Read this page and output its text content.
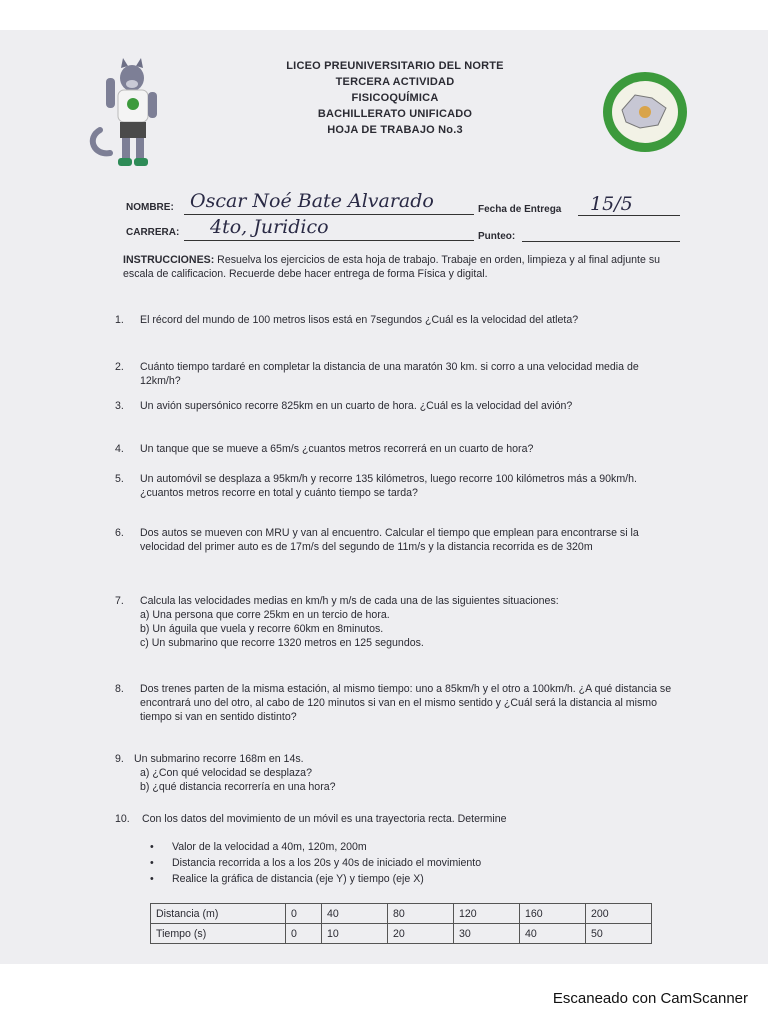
LICEO PREUNIVERSITARIO DEL NORTE
TERCERA ACTIVIDAD
FISICOQUÍMICA
BACHILLERATO UNIFICADO
HOJA DE TRABAJO No.3
NOMBRE: Oscar Noé Bate Alvarado	Fecha de Entrega 15/5
CARRERA: 4to, Juridico	Punteo:
INSTRUCCIONES: Resuelva los ejercicios de esta hoja de trabajo. Trabaje en orden, limpieza y al final adjunte su escala de calificacion. Recuerde debe hacer entrega de forma Física y digital.
1. El récord del mundo de 100 metros lisos está en 7segundos ¿Cuál es la velocidad del atleta?
2. Cuánto tiempo tardaré en completar la distancia de una maratón 30 km. si corro a una velocidad media de 12km/h?
3. Un avión supersónico recorre 825km en un cuarto de hora. ¿Cuál es la velocidad del avión?
4. Un tanque que se mueve a 65m/s ¿cuantos metros recorrerá en un cuarto de hora?
5. Un automóvil se desplaza a 95km/h y recorre 135 kilómetros, luego recorre 100 kilómetros más a 90km/h. ¿cuantos metros recorre en total y cuánto tiempo se tarda?
6. Dos autos se mueven con MRU y van al encuentro. Calcular el tiempo que emplean para encontrarse si la velocidad del primer auto es de 17m/s del segundo de 11m/s y la distancia recorrida es de 320m
7. Calcula las velocidades medias en km/h y m/s de cada una de las siguientes situaciones:
a) Una persona que corre 25km en un tercio de hora.
b) Un águila que vuela y recorre 60km en 8minutos.
c) Un submarino que recorre 1320 metros en 125 segundos.
8. Dos trenes parten de la misma estación, al mismo tiempo: uno a 85km/h y el otro a 100km/h. ¿A qué distancia se encontrará uno del otro, al cabo de 120 minutos si van en el mismo sentido y ¿Cuál será la distancia al mismo tiempo si van en sentido distinto?
9. Un submarino recorre 168m en 14s.
a) ¿Con qué velocidad se desplaza?
b) ¿qué distancia recorrería en una hora?
10. Con los datos del movimiento de un móvil es una trayectoria recta. Determine
• Valor de la velocidad a 40m, 120m, 200m
• Distancia recorrida a los a los 20s y 40s de iniciado el movimiento
• Realice la gráfica de distancia (eje Y) y tiempo (eje X)
Distancia (m)	0	40	80	120	160	200
Tiempo (s)	0	10	20	30	40	50
Escaneado con CamScanner
